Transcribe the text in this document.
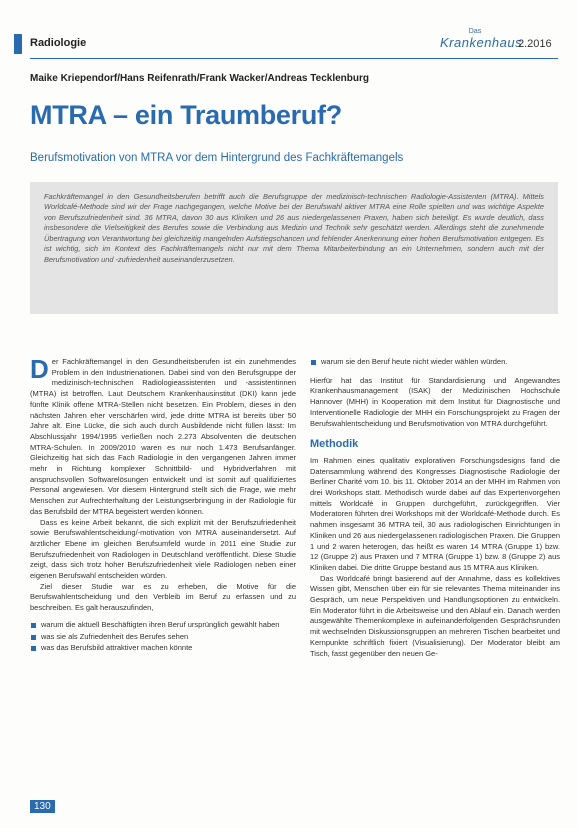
Radiologie
Das
Krankenhaus
2.2016
Maike Kriependorf/Hans Reifenrath/Frank Wacker/Andreas Tecklenburg
MTRA – ein Traumberuf?
Berufsmotivation von MTRA vor dem Hintergrund des Fachkräftemangels
Fachkräftemangel in den Gesundheitsberufen betrifft auch die Berufsgruppe der medizinisch-technischen Radiologie-Assistenten (MTRA). Mittels Worldcafé-Methode sind wir der Frage nachgegangen, welche Motive bei der Berufswahl aktiver MTRA eine Rolle spielten und was wichtige Aspekte von Berufszufriedenheit sind. 36 MTRA, davon 30 aus Kliniken und 26 aus niedergelassenen Praxen, haben sich beteiligt. Es wurde deutlich, dass insbesondere die Vielseitigkeit des Berufes sowie die Verbindung aus Medizin und Technik sehr geschätzt werden. Allerdings steht die zunehmende Übertragung von Verantwortung bei gleichzeitig mangelnden Aufstiegschancen und fehlender Anerkennung einer hohen Berufsmotivation entgegen. Es ist wichtig, sich im Kontext des Fachkräftemangels nicht nur mit dem Thema Mitarbeiterbindung an ein Unternehmen, sondern auch mit der Berufsmotivation und -zufriedenheit auseinanderzusetzen.

Der Fachkräftemangel in den Gesundheitsberufen ist ein zunehmendes Problem in den Industrienationen. Dabei sind von den Berufsgruppe der medizinisch-technischen Radiologieassistenten und -assistentinnen (MTRA) ist betroffen. Laut Deutschem Krankenhausinstitut (DKI) kann jede fünfte Klinik offene MTRA-Stellen nicht besetzen. Ein Problem, dieses in den nächsten Jahren eher verschärfen wird, jede dritte MTRA ist bereits über 50 Jahre alt. Eine Lücke, die sich auch durch Ausbildende nicht füllen lässt: Im Abschlussjahr 1994/1995 verließen noch 2.273 Absolventen die deutschen MTRA-Schulen. In 2009/2010 waren es nur noch 1.473 Berufsanfänger. Gleichzeitig hat sich das Fach Radiologie in den vergangenen Jahren immer mehr in Richtung komplexer Schnittbild- und Hybridverfahren mit anspruchsvollen Softwarelösungen entwickelt und ist somit auf qualifiziertes Personal angewiesen. Vor diesem Hintergrund stellt sich die Frage, wie mehr Menschen zur Aufrechterhaltung der Leistungserbringung in der Radiologie für das Berufsbild der MTRA begeistert werden können.

Dass es keine Arbeit bekannt, die sich explizit mit der Berufszufriedenheit sowie Berufswahlentscheidung/-motivation von MTRA auseinandersetzt. Auf ärztlicher Ebene im gleichen Berufsumfeld wurde in 2011 eine Studie zur Berufszufriedenheit von Radiologen in Deutschland veröffentlicht. Diese Studie zeigt, dass sich trotz hoher Berufszufriedenheit viele Radiologen neben einer eigenen Berufswahl entscheiden würden.

Ziel dieser Studie war es zu erheben, die Motive für die Berufswahlentscheidung und den Verbleib im Beruf zu erfassen und zu beschreiben. Es galt herauszufinden,

warum die aktuell Beschäftigten ihren Beruf ursprünglich gewählt haben
was sie als Zufriedenheit des Berufes sehen
was das Berufsbild attraktiver machen könnte
warum sie den Beruf heute nicht wieder wählen würden.

Hierfür hat das Institut für Standardisierung und Angewandtes Krankenhausmanagement (ISAK) der Medizinischen Hochschule Hannover (MHH) in Kooperation mit dem Institut für Diagnostische und Interventionelle Radiologie der MHH ein Forschungsprojekt zu Fragen der Berufswahlentscheidung und Berufsmotivation von MTRA durchgeführt.

Methodik

Im Rahmen eines qualitativ explorativen Forschungsdesigns fand die Datensammlung während des Kongresses Diagnostische Radiologie der Berliner Charité vom 10. bis 11. Oktober 2014 an der MHH im Rahmen von drei Workshops statt. Methodisch wurde dabei auf das Expertenvorgehen mittels Worldcafé in Gruppen durchgeführt, zurückgegriffen. Vier Moderatoren führten drei Workshops mit der Worldcafé-Methode durch. Es nahmen insgesamt 36 MTRA teil, 30 aus radiologischen Einrichtungen in Kliniken und 26 aus niedergelassenen radiologischen Praxen. Die Gruppen 1 und 2 waren heterogen, das heißt es waren 14 MTRA (Gruppe 1) bzw. 12 (Gruppe 2) aus Praxen und 7 MTRA (Gruppe 1) bzw. 8 (Gruppe 2) aus Kliniken dabei. Die dritte Gruppe bestand aus 15 MTRA aus Kliniken.

Das Worldcafé bringt basierend auf der Annahme, dass es kollektives Wissen gibt, Menschen über ein für sie relevantes Thema miteinander ins Gespräch, um neue Perspektiven und Handlungsoptionen zu entwickeln. Ein Moderator führt in die Arbeitsweise und den Ablauf ein. Danach werden ausgewählte Themenkomplexe in aufeinanderfolgenden Gesprächsrunden mit wechselnden Diskussionsgruppen an mehreren Tischen bearbeitet und Kernpunkte schriftlich fixiert (Visualisierung). Der Moderator bleibt am Tisch, fasst gegenüber den neuen Ge-

130
